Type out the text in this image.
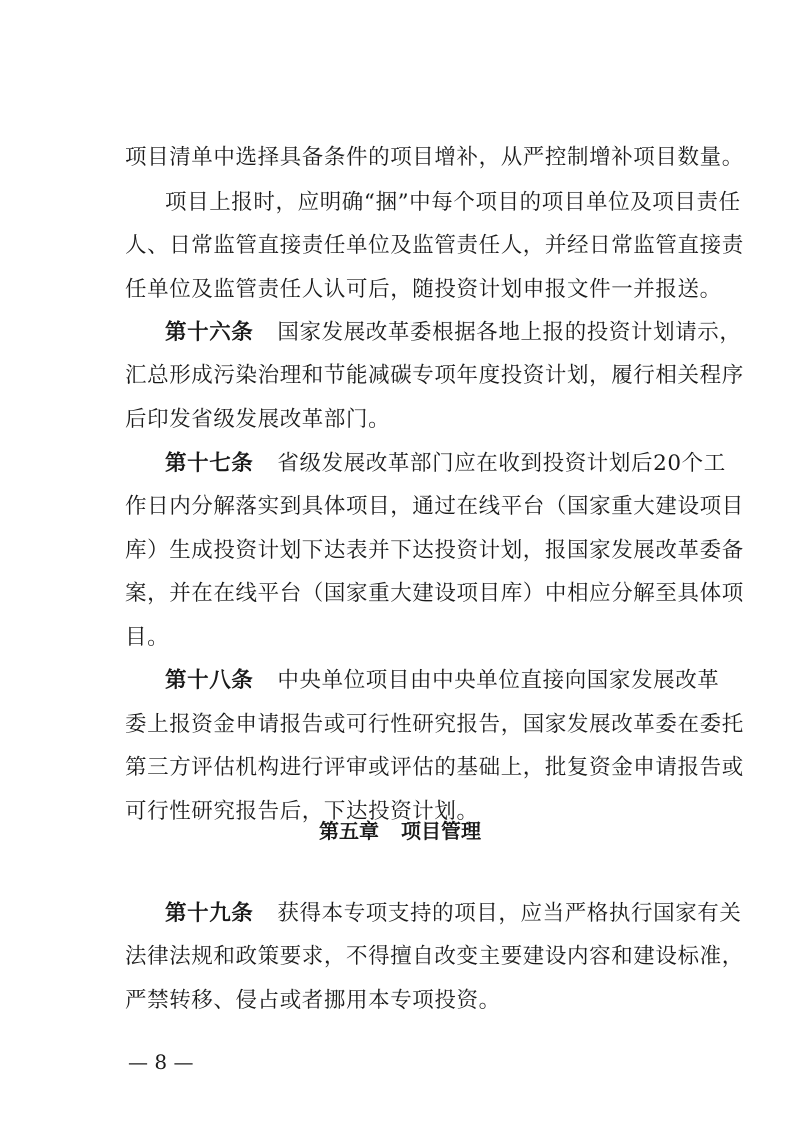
项目清单中选择具备条件的项目增补，从严控制增补项目数量。
项目上报时，应明确“捆”中每个项目的项目单位及项目责任
人、日常监管直接责任单位及监管责任人，并经日常监管直接责
任单位及监管责任人认可后，随投资计划申报文件一并报送。
第十六条 国家发展改革委根据各地上报的投资计划请示，
汇总形成污染治理和节能减碳专项年度投资计划，履行相关程序
后印发省级发展改革部门。
第十七条 省级发展改革部门应在收到投资计划后20个工
作日内分解落实到具体项目，通过在线平台（国家重大建设项目
库）生成投资计划下达表并下达投资计划，报国家发展改革委备
案，并在在线平台（国家重大建设项目库）中相应分解至具体项
目。
第十八条 中央单位项目由中央单位直接向国家发展改革
委上报资金申请报告或可行性研究报告，国家发展改革委在委托
第三方评估机构进行评审或评估的基础上，批复资金申请报告或
可行性研究报告后，下达投资计划。
第五章 项目管理
第十九条 获得本专项支持的项目，应当严格执行国家有关
法律法规和政策要求，不得擅自改变主要建设内容和建设标准，
严禁转移、侵占或者挪用本专项投资。
— 8 —
